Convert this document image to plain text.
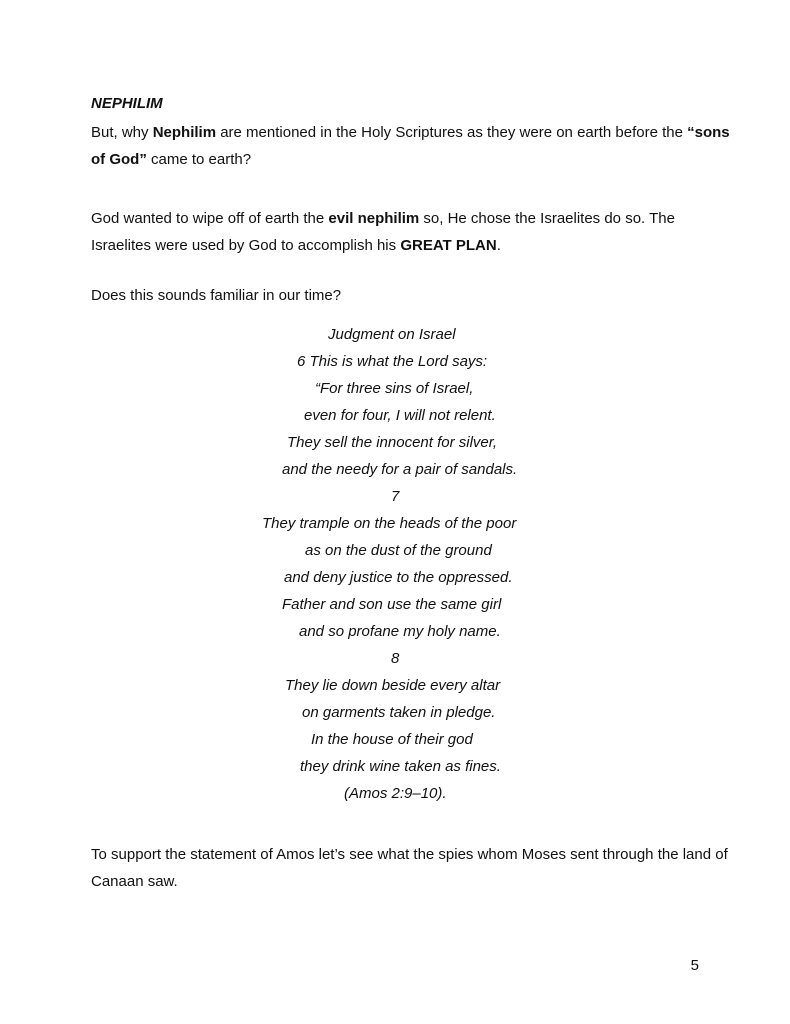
NEPHILIM

But, why Nephilim are mentioned in the Holy Scriptures as they were on earth before the “sons of God” came to earth?

God wanted to wipe off of earth the evil nephilim so, He chose the Israelites do so. The Israelites were used by God to accomplish his GREAT PLAN.

Does this sounds familiar in our time?

Judgment on Israel

6 This is what the Lord says:

“For three sins of Israel,

even for four, I will not relent.

They sell the innocent for silver,

and the needy for a pair of sandals.

7

They trample on the heads of the poor

as on the dust of the ground

and deny justice to the oppressed.

Father and son use the same girl

and so profane my holy name.

8

They lie down beside every altar

on garments taken in pledge.

In the house of their god

they drink wine taken as fines.

(Amos 2:9–10).

To support the statement of Amos let’s see what the spies whom Moses sent through the land of Canaan saw.

5
